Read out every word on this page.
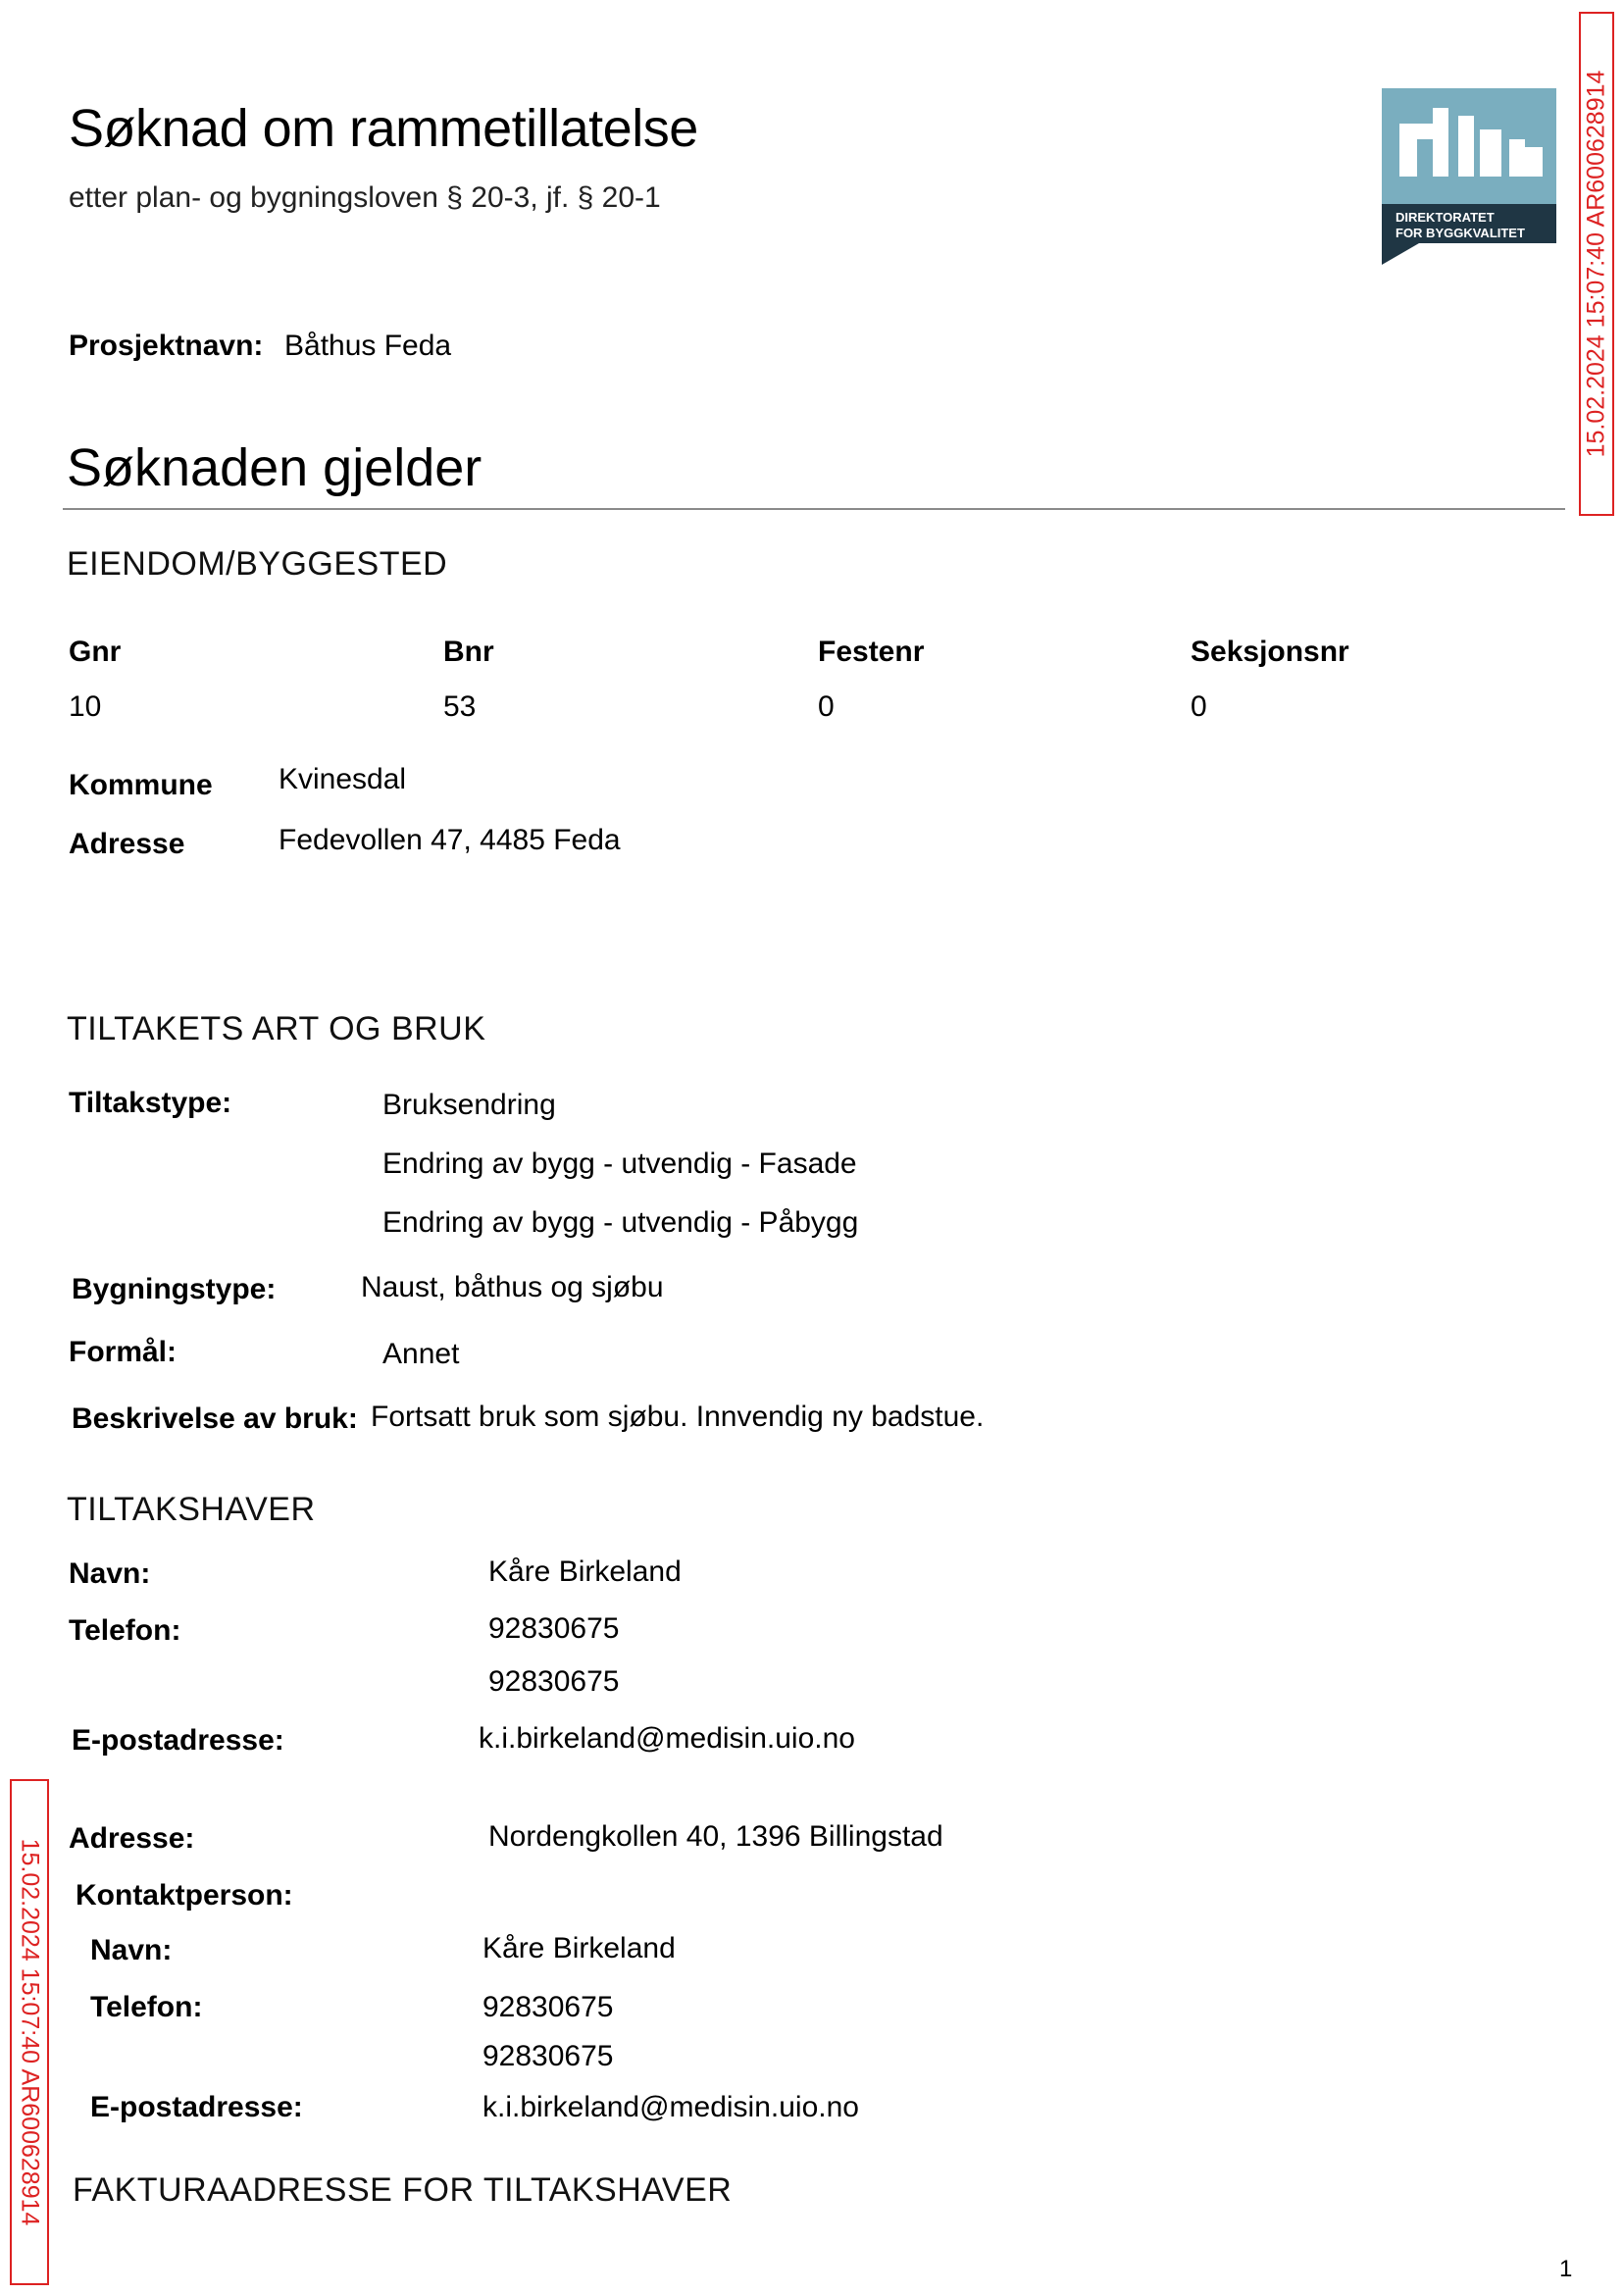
Søknad om rammetillatelse
etter plan- og bygningsloven § 20-3, jf. § 20-1
Prosjektnavn: Båthus Feda
DIREKTORATET
FOR BYGGKVALITET	15.02.2024 15:07:40 AR600628914
15.02.2024 15:07:40 AR600628914
Søknaden gjelder
EIENDOM/BYGGESTED
Gnr	Bnr	Festenr	Seksjonsnr
10	53	0	0
Kommune Kvinesdal
Adresse	Fedevollen 47, 4485 Feda
TILTAKETS ART OG BRUK
Tiltakstype:	Bruksendring
Endring av bygg - utvendig - Fasade
Endring av bygg - utvendig - Påbygg
Bygningstype:	Naust, båthus og sjøbu
Formål:	Annet
Beskrivelse av bruk: Fortsatt bruk som sjøbu. Innvendig ny badstue.
TILTAKSHAVER
Navn:	Kåre Birkeland
Telefon:	92830675
92830675
E-postadresse:	k.i.birkeland@medisin.uio.no
Adresse:	Nordengkollen 40, 1396 Billingstad
Kontaktperson:
Navn:	Kåre Birkeland
Telefon:	92830675
92830675
E-postadresse:	k.i.birkeland@medisin.uio.no
FAKTURAADRESSE FOR TILTAKSHAVER
1
